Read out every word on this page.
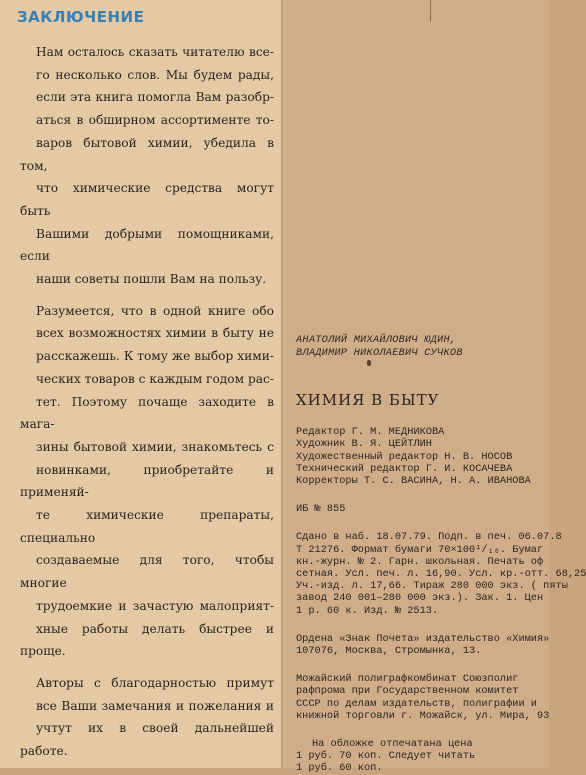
ЗАКЛЮЧЕНИЕ

Нам осталось сказать читателю все-
го несколько слов. Мы будем рады,
если эта книга помогла Вам разобр-
аться в обширном ассортименте то-
варов бытовой химии, убедила в том,
что химические средства могут быть
Вашими добрыми помощниками, если
наши советы пошли Вам на пользу.

Разумеется, что в одной книге обо
всех возможностях химии в быту не
расскажешь. К тому же выбор хими-
ческих товаров с каждым годом рас-
тет. Поэтому почаще заходите в мага-
зины бытовой химии, знакомьтесь с
новинками, приобретайте и применяй-
те химические препараты, специально
создаваемые для того, чтобы многие
трудоемкие и зачастую малоприят-
хные работы делать быстрее и проще.

Авторы с благодарностью примут
все Ваши замечания и пожелания и
учтут их в своей дальнейшей работе.

АНАТОЛИЙ МИХАЙЛОВИЧ ЮДИН,
ВЛАДИМИР НИКОЛАЕВИЧ СУЧКОВ
ХИМИЯ В БЫТУ
Редактор Г. М. МЕДНИКОВА
Художник В. Я. ЦЕЙТЛИН
Художественный редактор Н. В. НОСОВ
Технический редактор Г. И. КОСАЧЕВА
Корректоры Т. С. ВАСИНА, Н. А. ИВАНОВА
ИБ № 855
Сдано в наб. 18.07.79. Подп. в печ. 06.07.8
Т 21276. Формат бумаги 70×100¹/₁₆. Бумаг
кн.-журн. № 2. Гарн. школьная. Печать оф
сетная. Усл. печ. л. 16,90. Усл. кр.-отт. 68,25
Уч.-изд. л. 17,66. Тираж 280 000 экз. ( пяты
завод 240 001–280 000 экз.). Зак. 1. Цен
1 р. 60 к. Изд. № 2513.
Ордена «Знак Почета» издательство «Химия»
107076, Москва, Стромынка, 13.
Можайский полиграфкомбинат Союзполиг
рафпрома при Государственном комитет
СССР по делам издательств, полиграфии и
книжной торговли г. Можайск, ул. Мира, 93
На обложке отпечатана цена
1 руб. 70 коп. Следует читать
1 руб. 60 коп.
